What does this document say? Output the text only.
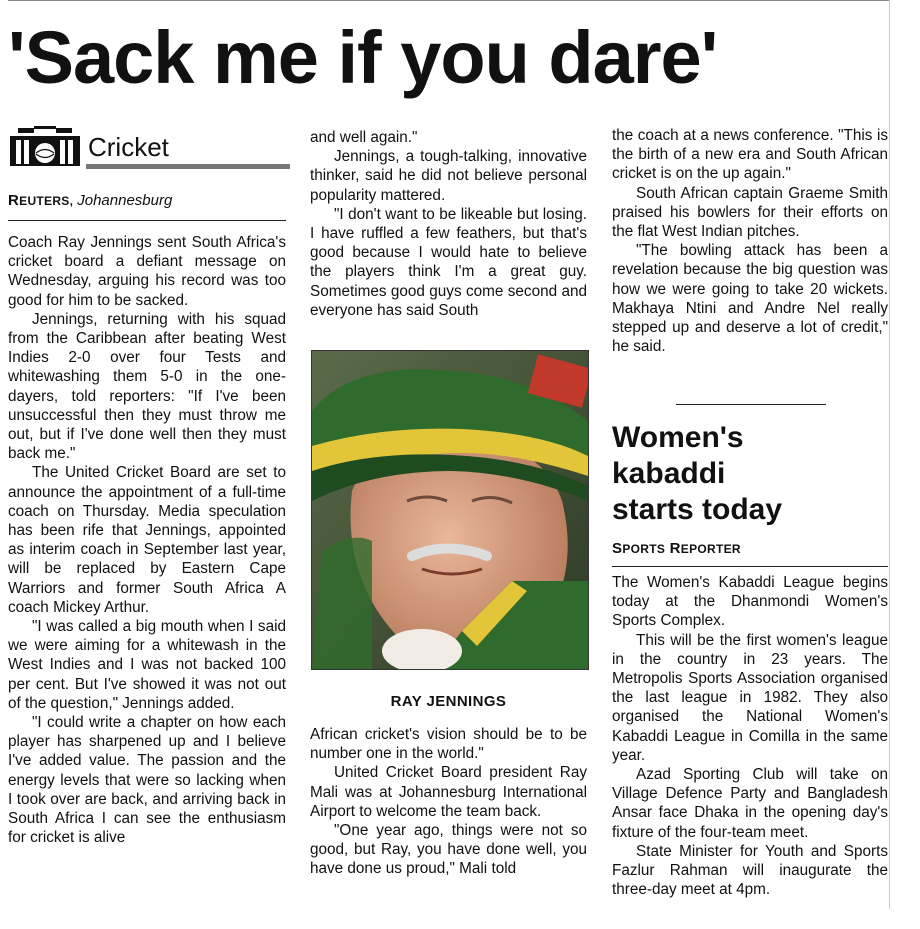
'Sack me if you dare'
Cricket
REUTERS, Johannesburg

Coach Ray Jennings sent South Africa's cricket board a defiant message on Wednesday, arguing his record was too good for him to be sacked.

Jennings, returning with his squad from the Caribbean after beating West Indies 2-0 over four Tests and whitewashing them 5-0 in the one-dayers, told reporters: "If I've been unsuccessful then they must throw me out, but if I've done well then they must back me."

The United Cricket Board are set to announce the appointment of a full-time coach on Thursday. Media speculation has been rife that Jennings, appointed as interim coach in September last year, will be replaced by Eastern Cape Warriors and former South Africa A coach Mickey Arthur.

"I was called a big mouth when I said we were aiming for a whitewash in the West Indies and I was not backed 100 per cent. But I've showed it was not out of the question," Jennings added.

"I could write a chapter on how each player has sharpened up and I believe I've added value. The passion and the energy levels that were so lacking when I took over are back, and arriving back in South Africa I can see the enthusiasm for cricket is alive

and well again."

Jennings, a tough-talking, innovative thinker, said he did not believe personal popularity mattered.

"I don't want to be likeable but losing. I have ruffled a few feathers, but that's good because I would hate to believe the players think I'm a great guy. Sometimes good guys come second and everyone has said South

RAY JENNINGS

African cricket's vision should be to be number one in the world."

United Cricket Board president Ray Mali was at Johannesburg International Airport to welcome the team back.

"One year ago, things were not so good, but Ray, you have done well, you have done us proud," Mali told

the coach at a news conference. "This is the birth of a new era and South African cricket is on the up again."

South African captain Graeme Smith praised his bowlers for their efforts on the flat West Indian pitches.

"The bowling attack has been a revelation because the big question was how we were going to take 20 wickets. Makhaya Ntini and Andre Nel really stepped up and deserve a lot of credit," he said.

Women's
kabaddi
starts today
SPORTS REPORTER

The Women's Kabaddi League begins today at the Dhanmondi Women's Sports Complex.

This will be the first women's league in the country in 23 years. The Metropolis Sports Association organised the last league in 1982. They also organised the National Women's Kabaddi League in Comilla in the same year.

Azad Sporting Club will take on Village Defence Party and Bangladesh Ansar face Dhaka in the opening day's fixture of the four-team meet.

State Minister for Youth and Sports Fazlur Rahman will inaugurate the three-day meet at 4pm.
